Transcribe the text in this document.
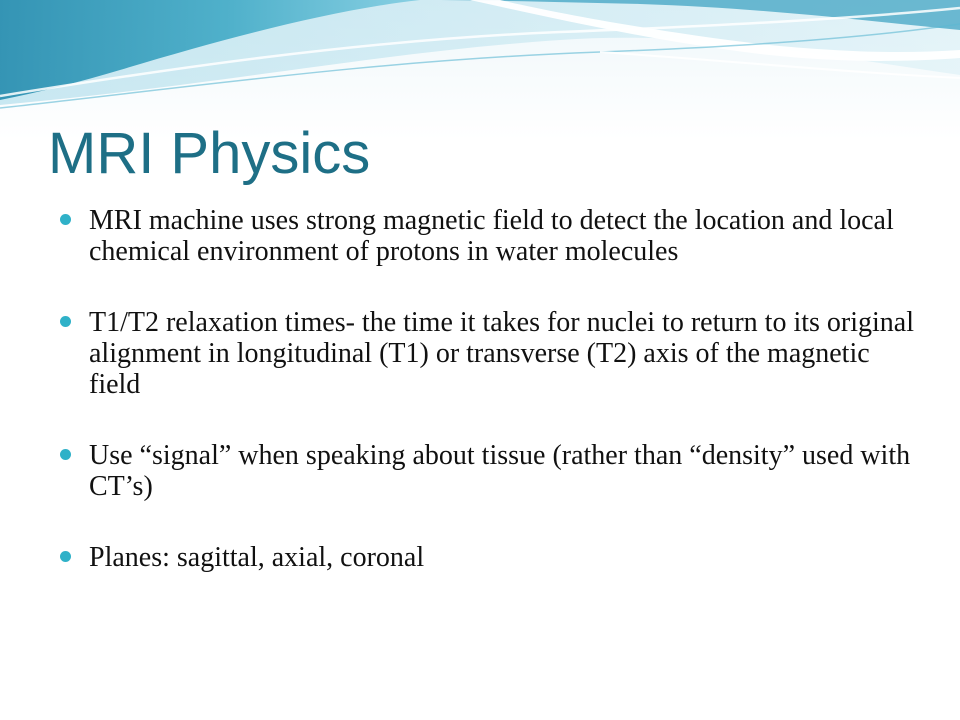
MRI Physics
MRI machine uses strong magnetic field to detect the location and local chemical environment of protons in water molecules
T1/T2 relaxation times- the time it takes for nuclei to return to its original alignment in longitudinal (T1) or transverse (T2) axis of the magnetic field
Use “signal” when speaking about tissue (rather than “density” used with CT’s)
Planes: sagittal, axial, coronal
